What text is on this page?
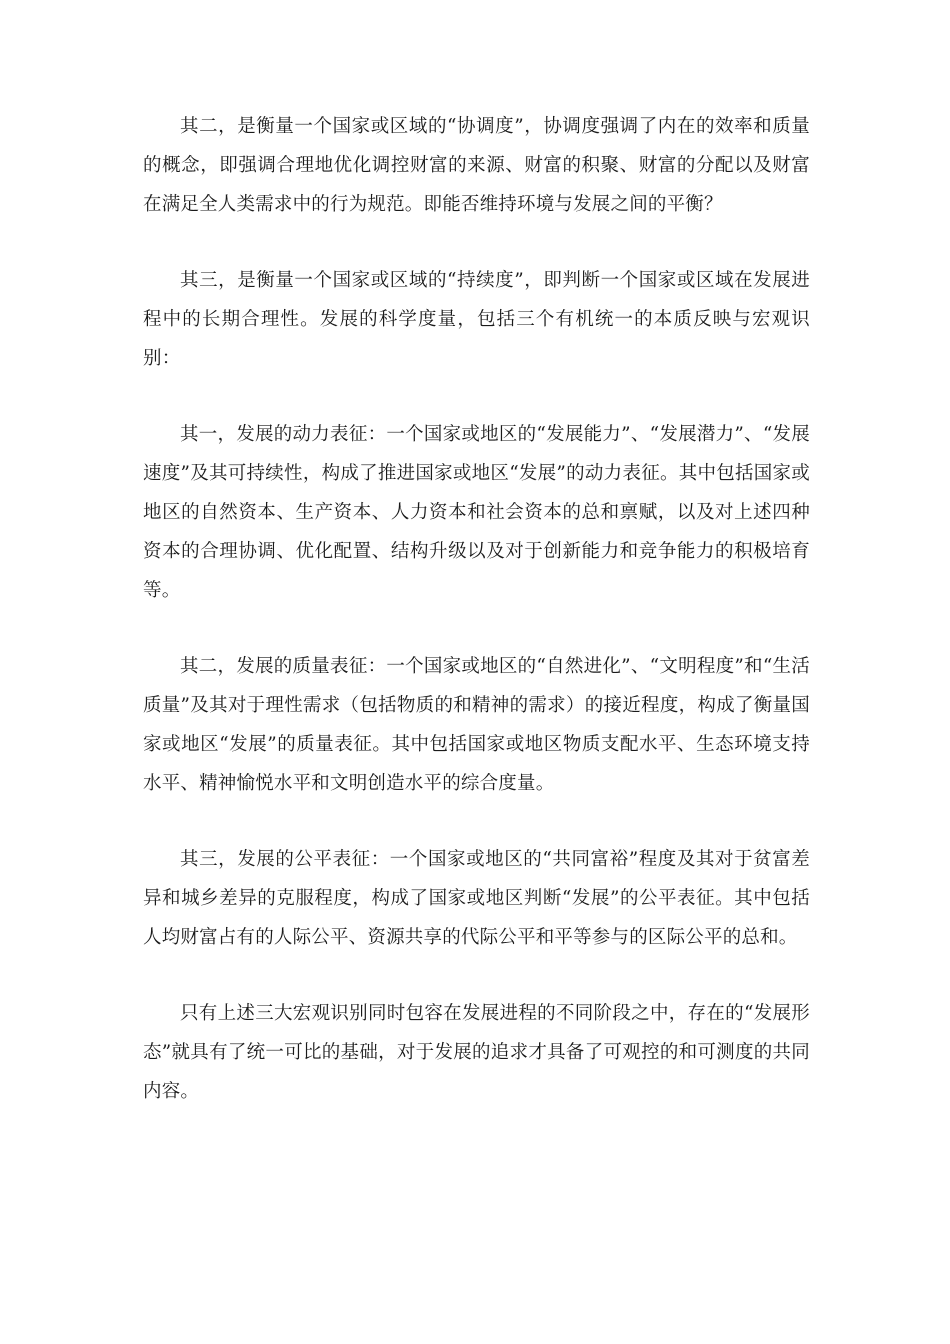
其二，是衡量一个国家或区域的“协调度”，协调度强调了内在的效率和质量的概念，即强调合理地优化调控财富的来源、财富的积聚、财富的分配以及财富在满足全人类需求中的行为规范。即能否维持环境与发展之间的平衡？

其三，是衡量一个国家或区域的“持续度”，即判断一个国家或区域在发展进程中的长期合理性。发展的科学度量，包括三个有机统一的本质反映与宏观识别：

其一，发展的动力表征：一个国家或地区的“发展能力”、“发展潜力”、“发展速度”及其可持续性，构成了推进国家或地区“发展”的动力表征。其中包括国家或地区的自然资本、生产资本、人力资本和社会资本的总和禀赋，以及对上述四种资本的合理协调、优化配置、结构升级以及对于创新能力和竞争能力的积极培育等。

其二，发展的质量表征：一个国家或地区的“自然进化”、“文明程度”和“生活质量”及其对于理性需求（包括物质的和精神的需求）的接近程度，构成了衡量国家或地区“发展”的质量表征。其中包括国家或地区物质支配水平、生态环境支持水平、精神愉悦水平和文明创造水平的综合度量。

其三，发展的公平表征：一个国家或地区的“共同富裕”程度及其对于贫富差异和城乡差异的克服程度，构成了国家或地区判断“发展”的公平表征。其中包括人均财富占有的人际公平、资源共享的代际公平和平等参与的区际公平的总和。

只有上述三大宏观识别同时包容在发展进程的不同阶段之中，存在的“发展形态”就具有了统一可比的基础，对于发展的追求才具备了可观控的和可测度的共同内容。
